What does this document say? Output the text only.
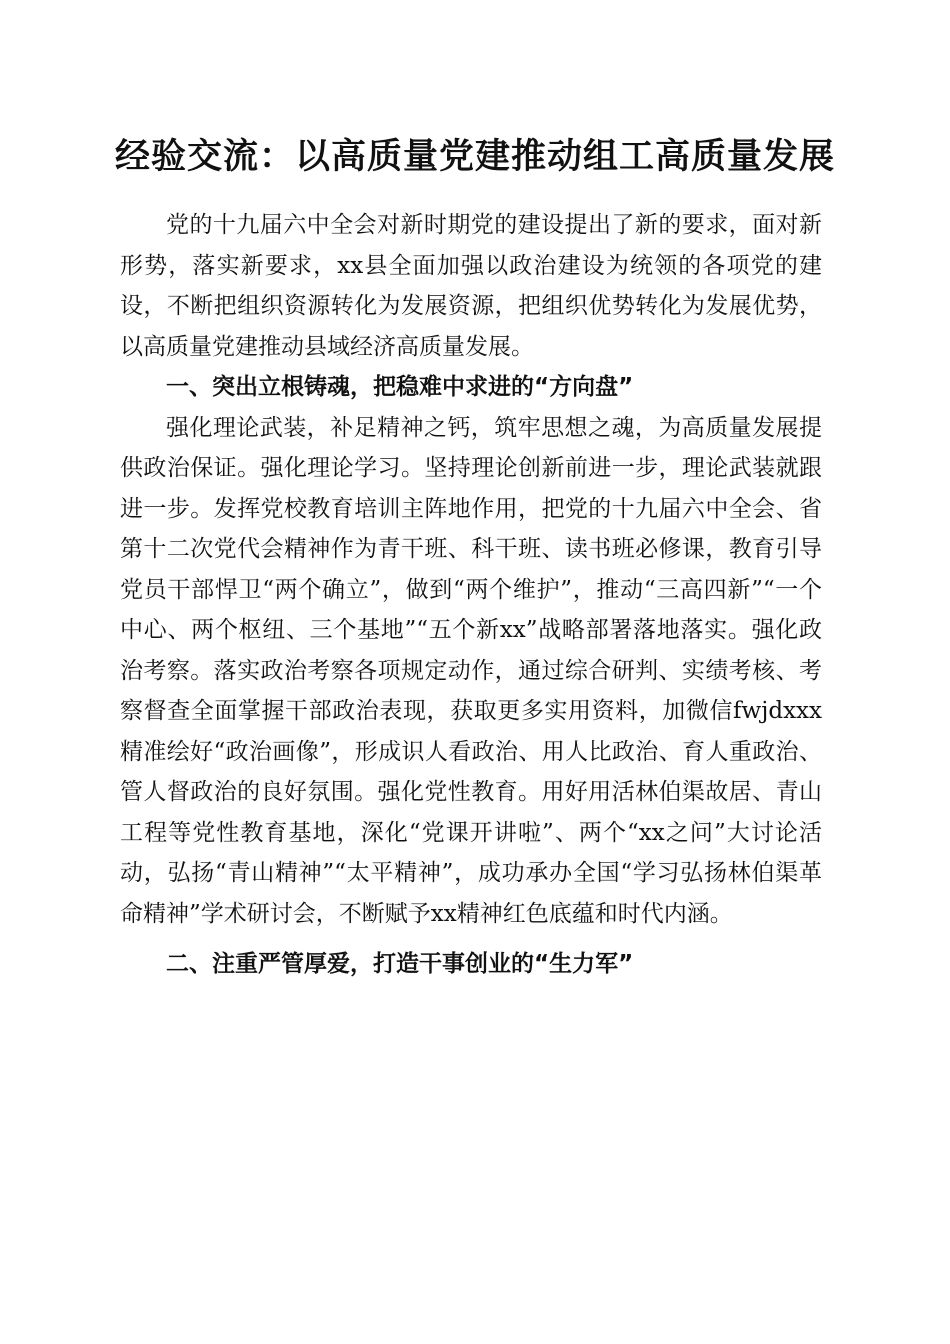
经验交流：以高质量党建推动组工高质量发展

党的十九届六中全会对新时期党的建设提出了新的要求，面对新形势，落实新要求，xx县全面加强以政治建设为统领的各项党的建设，不断把组织资源转化为发展资源，把组织优势转化为发展优势，以高质量党建推动县域经济高质量发展。

一、突出立根铸魂，把稳难中求进的“方向盘”

强化理论武装，补足精神之钙，筑牢思想之魂，为高质量发展提供政治保证。强化理论学习。坚持理论创新前进一步，理论武装就跟进一步。发挥党校教育培训主阵地作用，把党的十九届六中全会、省第十二次党代会精神作为青干班、科干班、读书班必修课，教育引导党员干部悍卫“两个确立”，做到“两个维护”，推动“三高四新”“一个中心、两个枢纽、三个基地”“五个新xx”战略部署落地落实。强化政治考察。落实政治考察各项规定动作，通过综合研判、实绩考核、考察督查全面掌握干部政治表现，获取更多实用资料，加微信fwjdxxx精准绘好“政治画像”，形成识人看政治、用人比政治、育人重政治、管人督政治的良好氛围。强化党性教育。用好用活林伯渠故居、青山工程等党性教育基地，深化“党课开讲啦”、两个“xx之问”大讨论活动，弘扬“青山精神”“太平精神”，成功承办全国“学习弘扬林伯渠革命精神”学术研讨会，不断赋予xx精神红色底蕴和时代内涵。

二、注重严管厚爱，打造干事创业的“生力军”
